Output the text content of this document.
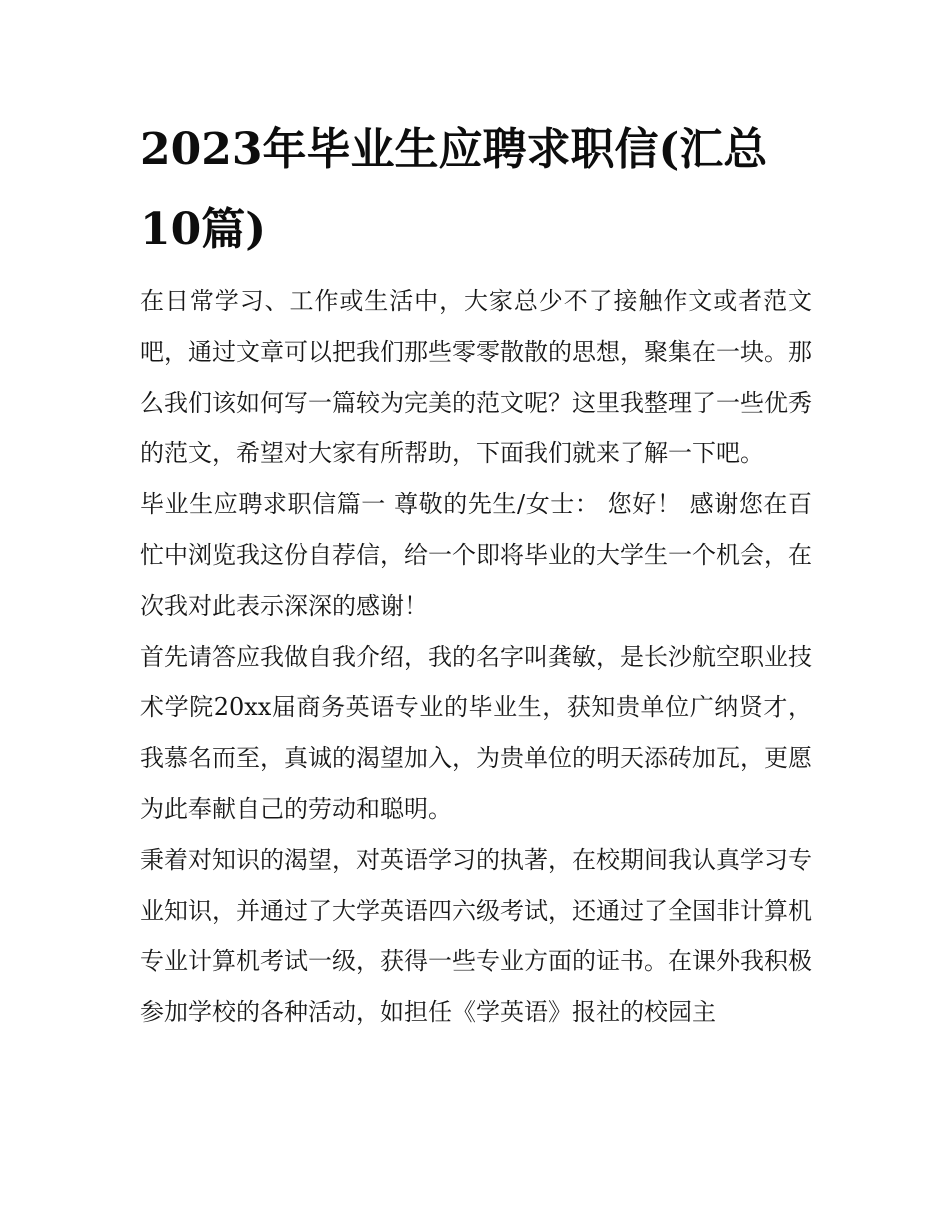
2023年毕业生应聘求职信(汇总10篇)

在日常学习、工作或生活中，大家总少不了接触作文或者范文吧，通过文章可以把我们那些零零散散的思想，聚集在一块。那么我们该如何写一篇较为完美的范文呢？这里我整理了一些优秀的范文，希望对大家有所帮助，下面我们就来了解一下吧。

毕业生应聘求职信篇一 尊敬的先生/女士： 您好！ 感谢您在百忙中浏览我这份自荐信，给一个即将毕业的大学生一个机会，在次我对此表示深深的感谢！

首先请答应我做自我介绍，我的名字叫龚敏，是长沙航空职业技术学院20xx届商务英语专业的毕业生，获知贵单位广纳贤才，我慕名而至，真诚的渴望加入，为贵单位的明天添砖加瓦，更愿为此奉献自己的劳动和聪明。

秉着对知识的渴望，对英语学习的执著，在校期间我认真学习专业知识，并通过了大学英语四六级考试，还通过了全国非计算机专业计算机考试一级，获得一些专业方面的证书。在课外我积极参加学校的各种活动，如担任《学英语》报社的校园主
